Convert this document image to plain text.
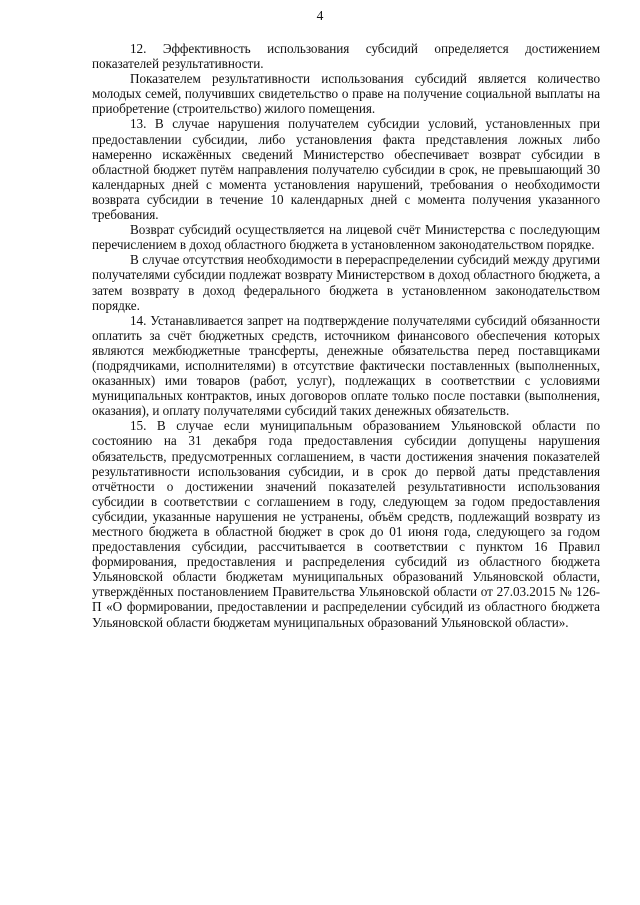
4

12. Эффективность использования субсидий определяется достижением показателей результативности.

Показателем результативности использования субсидий является количество молодых семей, получивших свидетельство о праве на получение социальной выплаты на приобретение (строительство) жилого помещения.

13. В случае нарушения получателем субсидии условий, установленных при предоставлении субсидии, либо установления факта представления ложных либо намеренно искажённых сведений Министерство обеспечивает возврат субсидии в областной бюджет путём направления получателю субсидии в срок, не превышающий 30 календарных дней с момента установления нарушений, требования о необходимости возврата субсидии в течение 10 календарных дней с момента получения указанного требования.

Возврат субсидий осуществляется на лицевой счёт Министерства с последующим перечислением в доход областного бюджета в установленном законодательством порядке.

В случае отсутствия необходимости в перераспределении субсидий между другими получателями субсидии подлежат возврату Министерством в доход областного бюджета, а затем возврату в доход федерального бюджета в установленном законодательством порядке.

14. Устанавливается запрет на подтверждение получателями субсидий обязанности оплатить за счёт бюджетных средств, источником финансового обеспечения которых являются межбюджетные трансферты, денежные обязательства перед поставщиками (подрядчиками, исполнителями) в отсутствие фактически поставленных (выполненных, оказанных) ими товаров (работ, услуг), подлежащих в соответствии с условиями муниципальных контрактов, иных договоров оплате только после поставки (выполнения, оказания), и оплату получателями субсидий таких денежных обязательств.

15. В случае если муниципальным образованием Ульяновской области по состоянию на 31 декабря года предоставления субсидии допущены нарушения обязательств, предусмотренных соглашением, в части достижения значения показателей результативности использования субсидии, и в срок до первой даты представления отчётности о достижении значений показателей результативности использования субсидии в соответствии с соглашением в году, следующем за годом предоставления субсидии, указанные нарушения не устранены, объём средств, подлежащий возврату из местного бюджета в областной бюджет в срок до 01 июня года, следующего за годом предоставления субсидии, рассчитывается в соответствии с пунктом 16 Правил формирования, предоставления и распределения субсидий из областного бюджета Ульяновской области бюджетам муниципальных образований Ульяновской области, утверждённых постановлением Правительства Ульяновской области от 27.03.2015 № 126-П «О формировании, предоставлении и распределении субсидий из областного бюджета Ульяновской области бюджетам муниципальных образований Ульяновской области».
